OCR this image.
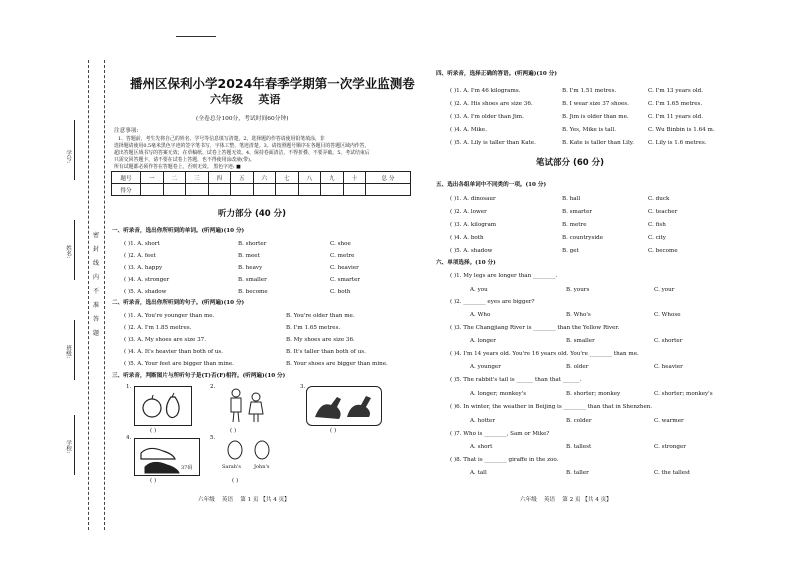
学号:
姓名:
班级:
学校:
密
封
线
内
不
准
答
题
播州区保利小学2024年春季学期第一次学业监测卷
六年级    英语
(全卷总分100分，考试时间60分钟)
注意事项:
1、答题前，考生先将自己的姓名、学号等信息填写清楚。2、选择题的作答请使用铅笔填涂，非
选择题请使用0.5毫米黑色字迹的签字笔书写，字体工整，笔迹清楚。3、请按照题号顺序在各题目的答题区域内作答，
超出答题区域书写的答案无效；在草稿纸、试卷上答题无效。4、保持卷面清洁，不得折叠、不要弄破。5、考试结束后
只需交回答题卡，请不要在试卷上答题，也不得使用涂改液(带)。
所有试题都必须作答在答题卷上，否则无效。 黑色字迹: ■
题号	一	二	三	四	五	六	七	八	九	十	总 分
得分											
听力部分 (40 分)
一、听录音，选出你所听到的单词。(听两遍)(10 分)
( )1. A. short	B. shorter	C. shoe
( )2. A. feet	B. meet	C. metre
( )3. A. happy	B. heavy	C. heavier
( )4. A. stronger	B. smaller	C. smarter
( )5. A. shadow	B. become	C. both
二、听录音，选出你所听到的句子。(听两遍)(10 分)
( )1. A. You're younger than me.	B. You're older than me.
( )2. A. I'm 1.85 metres.	B. I'm 1.65 metres.
( )3. A. My shoes are size 37.	B. My shoes are size 36.
( )4. A. It's heavier than both of us.	B. It's taller than both of us.
( )5. A. Your feet are bigger than mine.	B. Your shoes are bigger than mine.
三、听录音，判断图片与所听句子是(T)否(F)相符。(听两遍)(10 分)
1.
( )
2.
( )
3.
( )
4.
37码
( )
5.
Sarah's	John's
( )
六年级    英语    第 1 页 【共 4 页】
四、听录音，选择正确的答语。(听两遍)(10 分)
( )1. A. I'm 46 kilograms.	B. I'm 1.51 metres.	C. I'm 13 years old.
( )2. A. His shoes are size 36.	B. I wear size 37 shoes.	C. I'm 1.65 metres.
( )3. A. I'm older than Jim.	B. Jim is older than me.	C. I'm 11 years old.
( )4. A. Mike.	B. Yes, Mike is tall.	C. Wu Binbin is 1.64 m.
( )5. A. Lily is taller than Kate.	B. Kate is taller than Lily.	C. Lily is 1.6 metres.
笔试部分 (60 分)
五、选出各组单词中不同类的一项。(10 分)
( )1. A. dinosaur	B. hall	C. duck
( )2. A. lower	B. smarter	C. teacher
( )3. A. kilogram	B. metre	C. fish
( )4. A. both	B. countryside	C. city
( )5. A. shadow	B. get	C. become
六、单项选择。(10 分)
( )1. My legs are longer than ________.
A. you	B. yours	C. your
( )2. ________ eyes are bigger?
A. Who	B. Who's	C. Whose
( )3. The Changjiang River is ________ than the Yellow River.
A. longer	B. smaller	C. shorter
( )4. I'm 14 years old. You're 16 years old. You're ________ than me.
A. younger	B. older	C. heavier
( )5. The rabbit's tail is ______ than that ______.
A. longer; monkey's	B. shorter; monkey	C. shorter; monkey's
( )6. In winter, the weather in Beijing is ________ than that in Shenzhen.
A. hotter	B. colder	C. warmer
( )7. Who is ________, Sam or Mike?
A. short	B. tallest	C. stronger
( )8. That is ________ giraffe in the zoo.
A. tall	B. taller	C. the tallest
六年级    英语    第 2 页 【共 4 页】
